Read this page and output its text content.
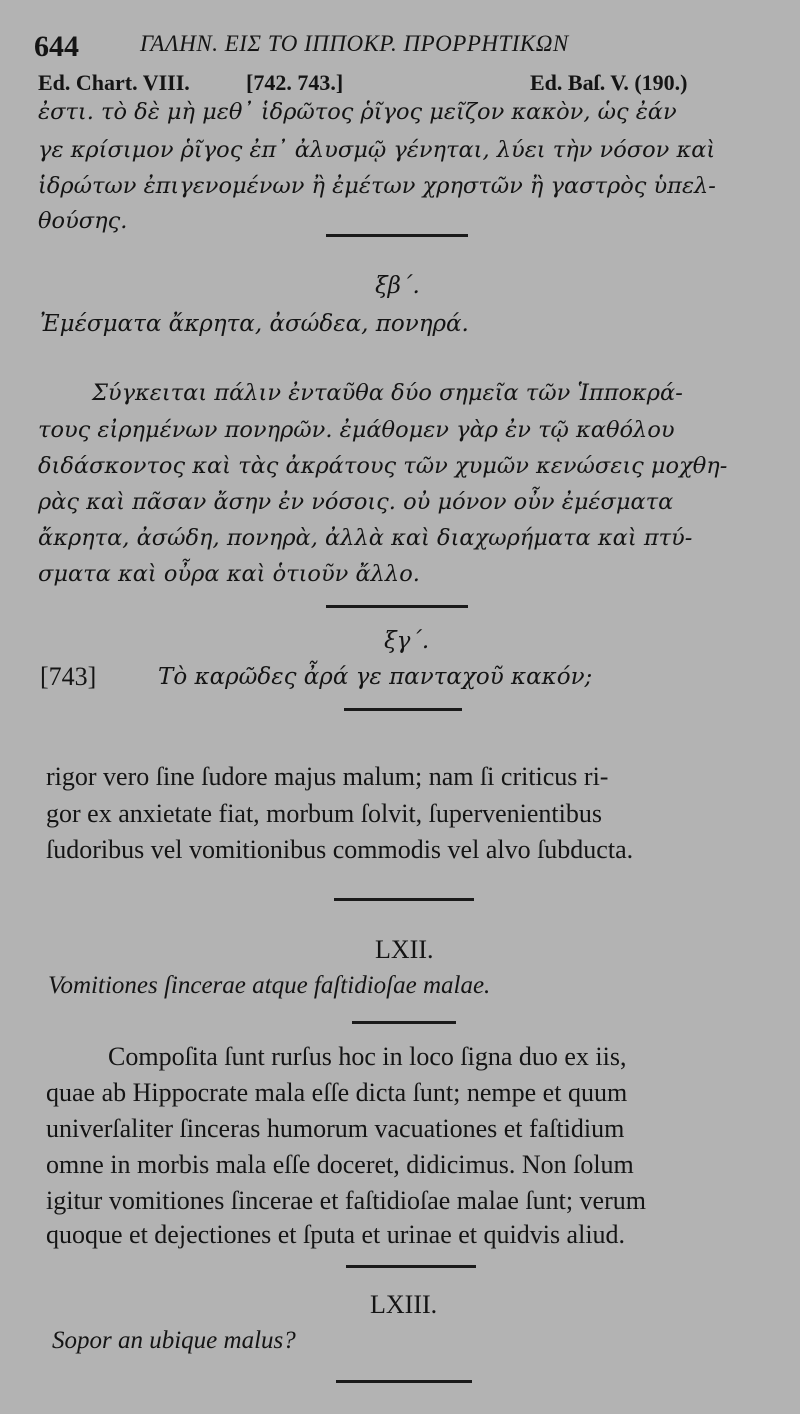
644	ΓΑΛΗΝ. ΕΙΣ ΤΟ ΙΠΠΟΚΡ. ΠΡΟΡΡΗΤΙΚΩΝ
Ed. Chart. VIII.	[742. 743.]	Ed. Baſ. V. (190.)
ἐστι. τὸ δὲ μὴ μεθ᾽ ἱδρῶτος ῥῖγος μεῖζον κακὸν, ὡς ἐάν
γε κρίσιμον ῥῖγος ἐπ᾽ ἀλυσμῷ γένηται, λύει τὴν νόσον καὶ
ἱδρώτων ἐπιγενομένων ἢ ἐμέτων χρηστῶν ἢ γαστρὸς ὑπελ-
θούσης.
ξβ΄.
Ἐμέσματα ἄκρητα, ἀσώδεα, πονηρά.
Σύγκειται πάλιν ἐνταῦθα δύο σημεῖα τῶν Ἱπποκρά-
τους εἰρημένων πονηρῶν. ἐμάθομεν γὰρ ἐν τῷ καθόλου
διδάσκοντος καὶ τὰς ἀκράτους τῶν χυμῶν κενώσεις μοχθη-
ρὰς καὶ πᾶσαν ἄσην ἐν νόσοις. οὐ μόνον οὖν ἐμέσματα
ἄκρητα, ἀσώδη, πονηρὰ, ἀλλὰ καὶ διαχωρήματα καὶ πτύ-
σματα καὶ οὖρα καὶ ὁτιοῦν ἄλλο.
ξγ΄.
[743]	Τὸ καρῶδες ἆρά γε πανταχοῦ κακόν;
rigor vero ſine ſudore majus malum; nam ſi criticus ri-
gor ex anxietate fiat, morbum ſolvit, ſupervenientibus
ſudoribus vel vomitionibus commodis vel alvo ſubducta.
LXII.
Vomitiones ſincerae atque faſtidioſae malae.
Compoſita ſunt rurſus hoc in loco ſigna duo ex iis,
quae ab Hippocrate mala eſſe dicta ſunt; nempe et quum
univerſaliter ſinceras humorum vacuationes et faſtidium
omne in morbis mala eſſe doceret, didicimus. Non ſolum
igitur vomitiones ſincerae et faſtidioſae malae ſunt; verum
quoque et dejectiones et ſputa et urinae et quidvis aliud.
LXIII.
Sopor an ubique malus?
